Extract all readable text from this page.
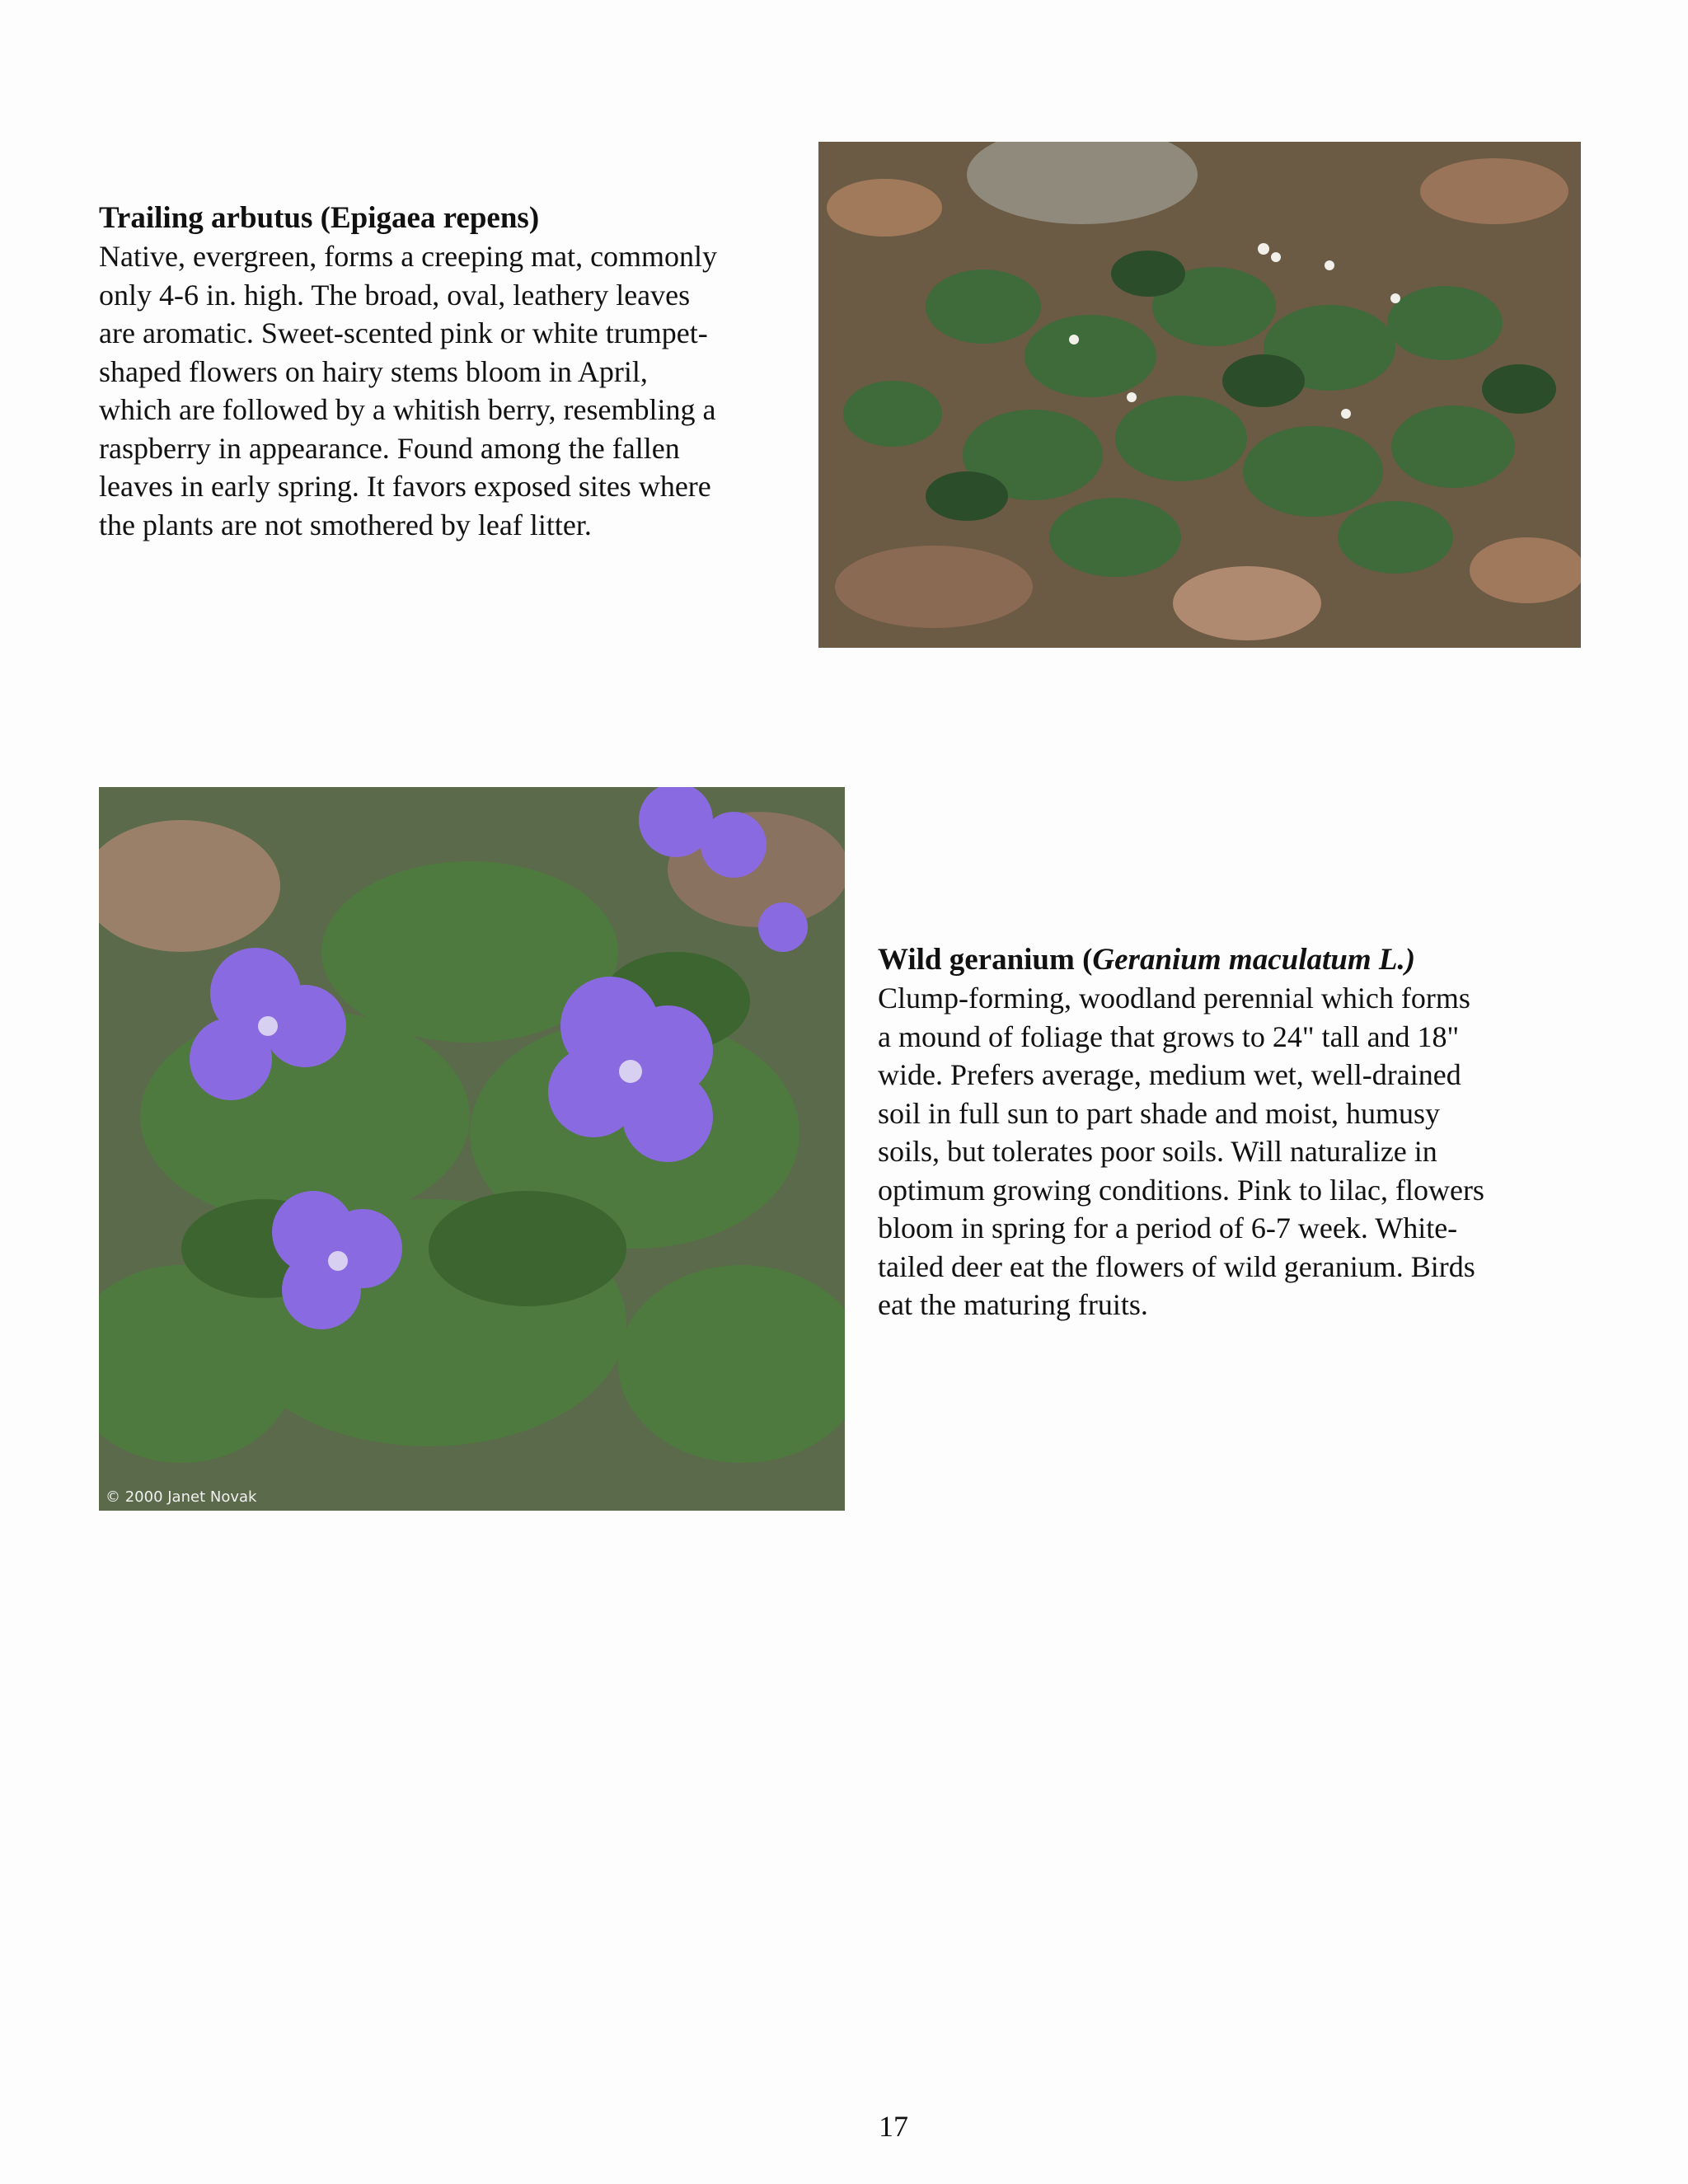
Trailing arbutus (Epigaea repens)
Native, evergreen, forms a creeping mat, commonly
only 4-6 in. high. The broad, oval, leathery leaves
are aromatic. Sweet-scented pink or white trumpet-
shaped flowers on hairy stems bloom in April,
which are followed by a whitish berry, resembling a
raspberry in appearance. Found among the fallen
leaves in early spring. It favors exposed sites where
the plants are not smothered by leaf litter.
© 2000 Janet Novak
Wild geranium (Geranium maculatum L.)
Clump-forming, woodland perennial which forms
a mound of foliage that grows to 24" tall and 18"
wide. Prefers average, medium wet, well-drained
soil in full sun to part shade and moist, humusy
soils, but tolerates poor soils. Will naturalize in
optimum growing conditions. Pink to lilac, flowers
bloom in spring for a period of 6-7 week. White-
tailed deer eat the flowers of wild geranium. Birds
eat the maturing fruits.
17
